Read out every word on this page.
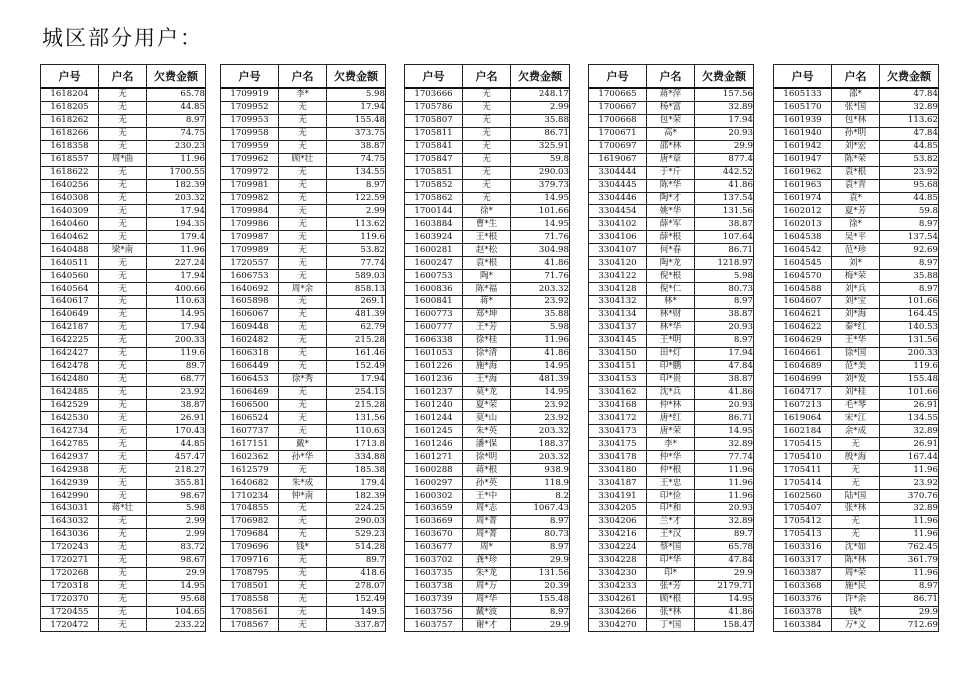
城区部分用户：
户号	户名	欠费金额
1618204	无	65.78
1618205	无	44.85
1618262	无	8.97
1618266	无	74.75
1618358	无	230.23
1618557	周*曲	11.96
1618622	无	1700.55
1640256	无	182.39
1640308	无	203.32
1640309	无	17.94
1640460	无	194.35
1640462	无	179.4
1640488	梁*南	11.96
1640511	无	227.24
1640560	无	17.94
1640564	无	400.66
1640617	无	110.63
1640649	无	14.95
1642187	无	17.94
1642225	无	200.33
1642427	无	119.6
1642478	无	89.7
1642480	无	68.77
1642485	无	23.92
1642529	无	38.87
1642530	无	26.91
1642734	无	170.43
1642785	无	44.85
1642937	无	457.47
1642938	无	218.27
1642939	无	355.81
1642990	无	98.67
1643031	蒋*壮	5.98
1643032	无	2.99
1643036	无	2.99
1720243	无	83.72
1720271	无	98.67
1720268	无	29.9
1720318	无	14.95
1720370	无	95.68
1720455	无	104.65
1720472	无	233.22
户号	户名	欠费金额
1709919	李*	5.98
1709952	无	17.94
1709953	无	155.48
1709958	无	373.75
1709959	无	38.87
1709962	顾*壮	74.75
1709972	无	134.55
1709981	无	8.97
1709982	无	122.59
1709984	无	2.99
1709986	无	113.62
1709987	无	119.6
1709989	无	53.82
1720557	无	77.74
1606753	无	589.03
1640692	周*余	858.13
1605898	无	269.1
1606067	无	481.39
1609448	无	62.79
1602482	无	215.28
1606318	无	161.46
1606449	无	152.49
1606453	徐*秀	17.94
1606469	无	254.15
1606500	无	215.28
1606524	无	131.56
1607737	无	110.63
1617151	戴*	1713.8
1602362	孙*华	334.88
1612579	无	185.38
1640682	朱*成	179.4
1710234	钟*南	182.39
1704855	无	224.25
1706982	无	290.03
1709684	无	529.23
1709696	钱*	514.28
1709716	无	89.7
1708795	无	418.6
1708501	无	278.07
1708558	无	152.49
1708561	无	149.5
1708567	无	337.87
户号	户名	欠费金额
1703666	无	248.17
1705786	无	2.99
1705807	无	35.88
1705811	无	86.71
1705841	无	325.91
1705847	无	59.8
1705851	无	290.03
1705852	无	379.73
1705862	无	14.95
1700144	徐*	101.66
1603884	曹*生	14.95
1603924	王*根	71.76
1600281	赵*松	304.98
1600247	袁*根	41.86
1600753	陶*	71.76
1600836	陈*福	203.32
1600841	蒋*	23.92
1600773	郑*坤	35.88
1600777	王*芳	5.98
1606338	徐*桂	11.96
1601053	徐*清	41.86
1601226	施*海	14.95
1601236	王*海	481.39
1601237	莫*龙	14.95
1601240	夏*荣	23.92
1601244	莫*山	23.92
1601245	朱*英	203.32
1601246	潘*保	188.37
1601271	徐*明	203.32
1600288	蒋*根	938.9
1600297	孙*英	118.9
1600302	王*中	8.2
1603659	周*志	1067.43
1603669	周*菁	8.97
1603670	周*菁	80.73
1603677	周*	8.97
1603702	龚*珍	29.9
1603735	朱*龙	131.56
1603738	周*万	20.39
1603739	周*华	155.48
1603756	戴*波	8.97
1603757	谢*才	29.9
户号	户名	欠费金额
1700665	蒋*萍	157.56
1700667	杨*富	32.89
1700668	包*荣	17.94
1700671	高*	20.93
1700697	邵*林	29.9
1619067	唐*章	877.4
3304444	于*斤	442.52
3304445	陈*华	41.86
3304446	陶*才	137.54
3304454	姚*华	131.56
3304102	薛*军	38.87
3304106	薛*根	107.64
3304107	何*春	86.71
3304120	陶*龙	1218.97
3304122	倪*根	5.98
3304128	倪*仁	80.73
3304132	林*	8.97
3304134	林*财	38.87
3304137	林*华	20.93
3304145	王*明	8.97
3304150	田*灯	17.94
3304151	印*鹏	47.84
3304153	印*贵	38.87
3304162	沈*兵	41.86
3304168	仲*林	20.93
3304172	唐*红	86.71
3304173	唐*荣	14.95
3304175	李*	32.89
3304178	仲*华	77.74
3304180	仲*根	11.96
3304187	王*忠	11.96
3304191	印*俭	11.96
3304205	印*和	20.93
3304206	兰*才	32.89
3304216	王*汉	89.7
3304224	蔡*国	65.78
3304228	印*华	47.84
3304230	印*	29.9
3304233	张*芳	2179.71
3304261	顾*根	14.95
3304266	张*林	41.86
3304270	丁*国	158.47
户号	户名	欠费金额
1605133	邵*	47.84
1605170	张*国	32.89
1601939	包*林	113.62
1601940	孙*明	47.84
1601942	刘*宏	44.85
1601947	陈*荣	53.82
1601962	袁*根	23.92
1601963	袁*青	95.68
1601974	袁*	44.85
1602012	夏*芳	59.8
1602013	徐*	8.97
1604538	吴*平	137.54
1604542	范*珍	92.69
1604545	刘*	8.97
1604570	梅*荣	35.88
1604588	刘*兵	8.97
1604607	刘*宝	101.66
1604621	刘*海	164.45
1604622	秦*红	140.53
1604629	王*华	131.56
1604661	徐*国	200.33
1604689	范*美	119.6
1604699	刘*发	155.48
1604717	刘*桂	101.66
1607213	毛*琴	26.91
1619064	宋*江	134.55
1602184	余*成	32.89
1705415	无	26.91
1705410	殷*海	167.44
1705411	无	11.96
1705414	无	23.92
1602560	陆*国	370.76
1705407	张*林	32.89
1705412	无	11.96
1705413	无	11.96
1603316	沈*如	762.45
1603317	陈*林	361.79
1603387	周*荣	11.96
1603368	施*民	8.97
1603376	许*余	86.71
1603378	钱*	29.9
1603384	万*义	712.69
